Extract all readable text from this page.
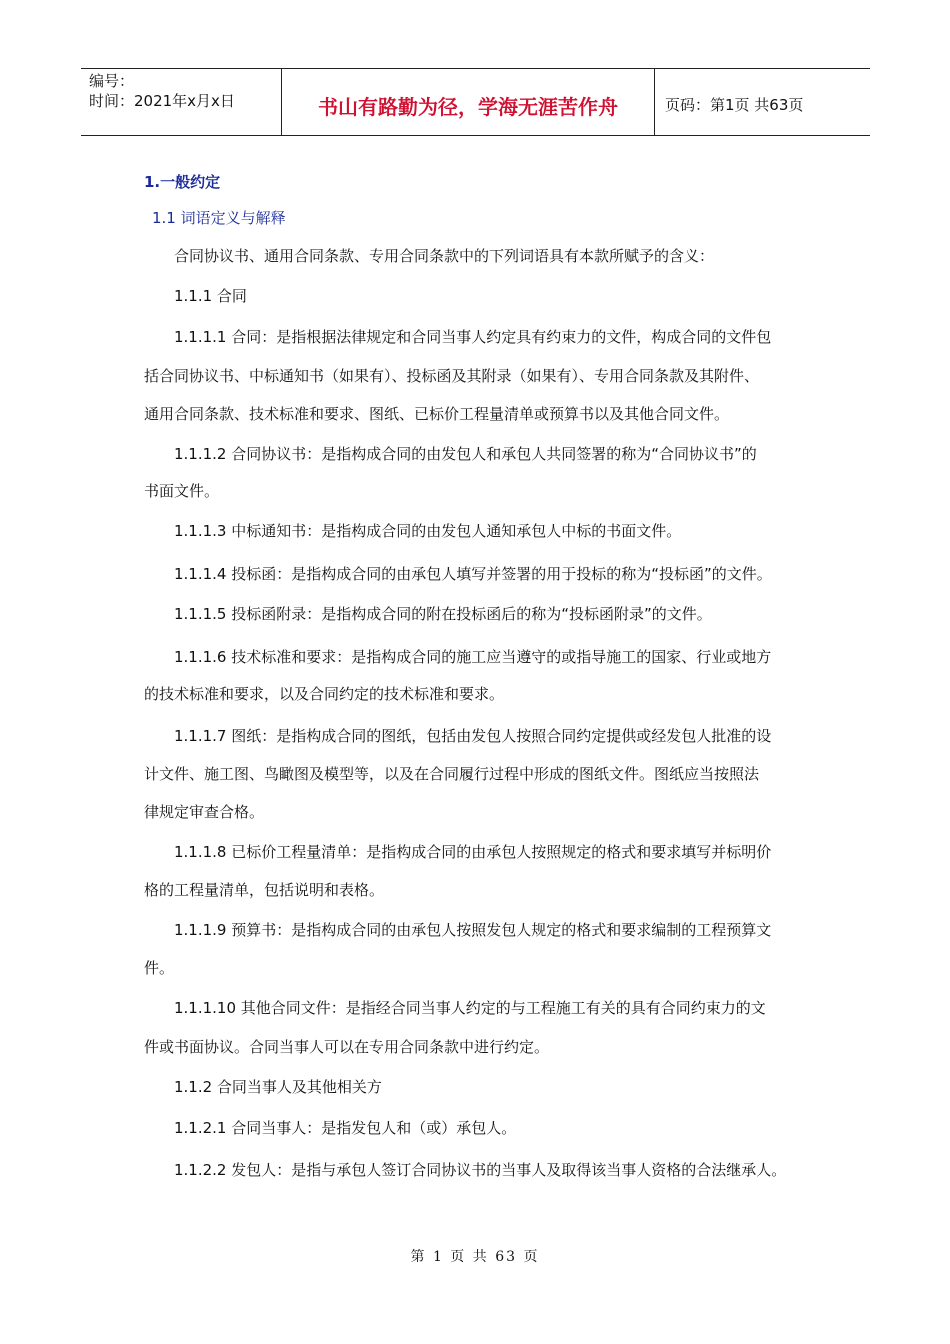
编号：
时间：2021年x月x日	书山有路勤为径，学海无涯苦作舟	页码：第1页 共63页
1.一般约定
1.1 词语定义与解释
合同协议书、通用合同条款、专用合同条款中的下列词语具有本款所赋予的含义：
1.1.1 合同
1.1.1.1 合同：是指根据法律规定和合同当事人约定具有约束力的文件，构成合同的文件包
括合同协议书、中标通知书（如果有）、投标函及其附录（如果有）、专用合同条款及其附件、
通用合同条款、技术标准和要求、图纸、已标价工程量清单或预算书以及其他合同文件。
1.1.1.2 合同协议书：是指构成合同的由发包人和承包人共同签署的称为“合同协议书”的
书面文件。
1.1.1.3 中标通知书：是指构成合同的由发包人通知承包人中标的书面文件。
1.1.1.4 投标函：是指构成合同的由承包人填写并签署的用于投标的称为“投标函”的文件。
1.1.1.5 投标函附录：是指构成合同的附在投标函后的称为“投标函附录”的文件。
1.1.1.6 技术标准和要求：是指构成合同的施工应当遵守的或指导施工的国家、行业或地方
的技术标准和要求，以及合同约定的技术标准和要求。
1.1.1.7 图纸：是指构成合同的图纸，包括由发包人按照合同约定提供或经发包人批准的设
计文件、施工图、鸟瞰图及模型等，以及在合同履行过程中形成的图纸文件。图纸应当按照法
律规定审查合格。
1.1.1.8 已标价工程量清单：是指构成合同的由承包人按照规定的格式和要求填写并标明价
格的工程量清单，包括说明和表格。
1.1.1.9 预算书：是指构成合同的由承包人按照发包人规定的格式和要求编制的工程预算文
件。
1.1.1.10 其他合同文件：是指经合同当事人约定的与工程施工有关的具有合同约束力的文
件或书面协议。合同当事人可以在专用合同条款中进行约定。
1.1.2 合同当事人及其他相关方
1.1.2.1 合同当事人：是指发包人和（或）承包人。
1.1.2.2 发包人：是指与承包人签订合同协议书的当事人及取得该当事人资格的合法继承人。
第 1 页 共 63 页
